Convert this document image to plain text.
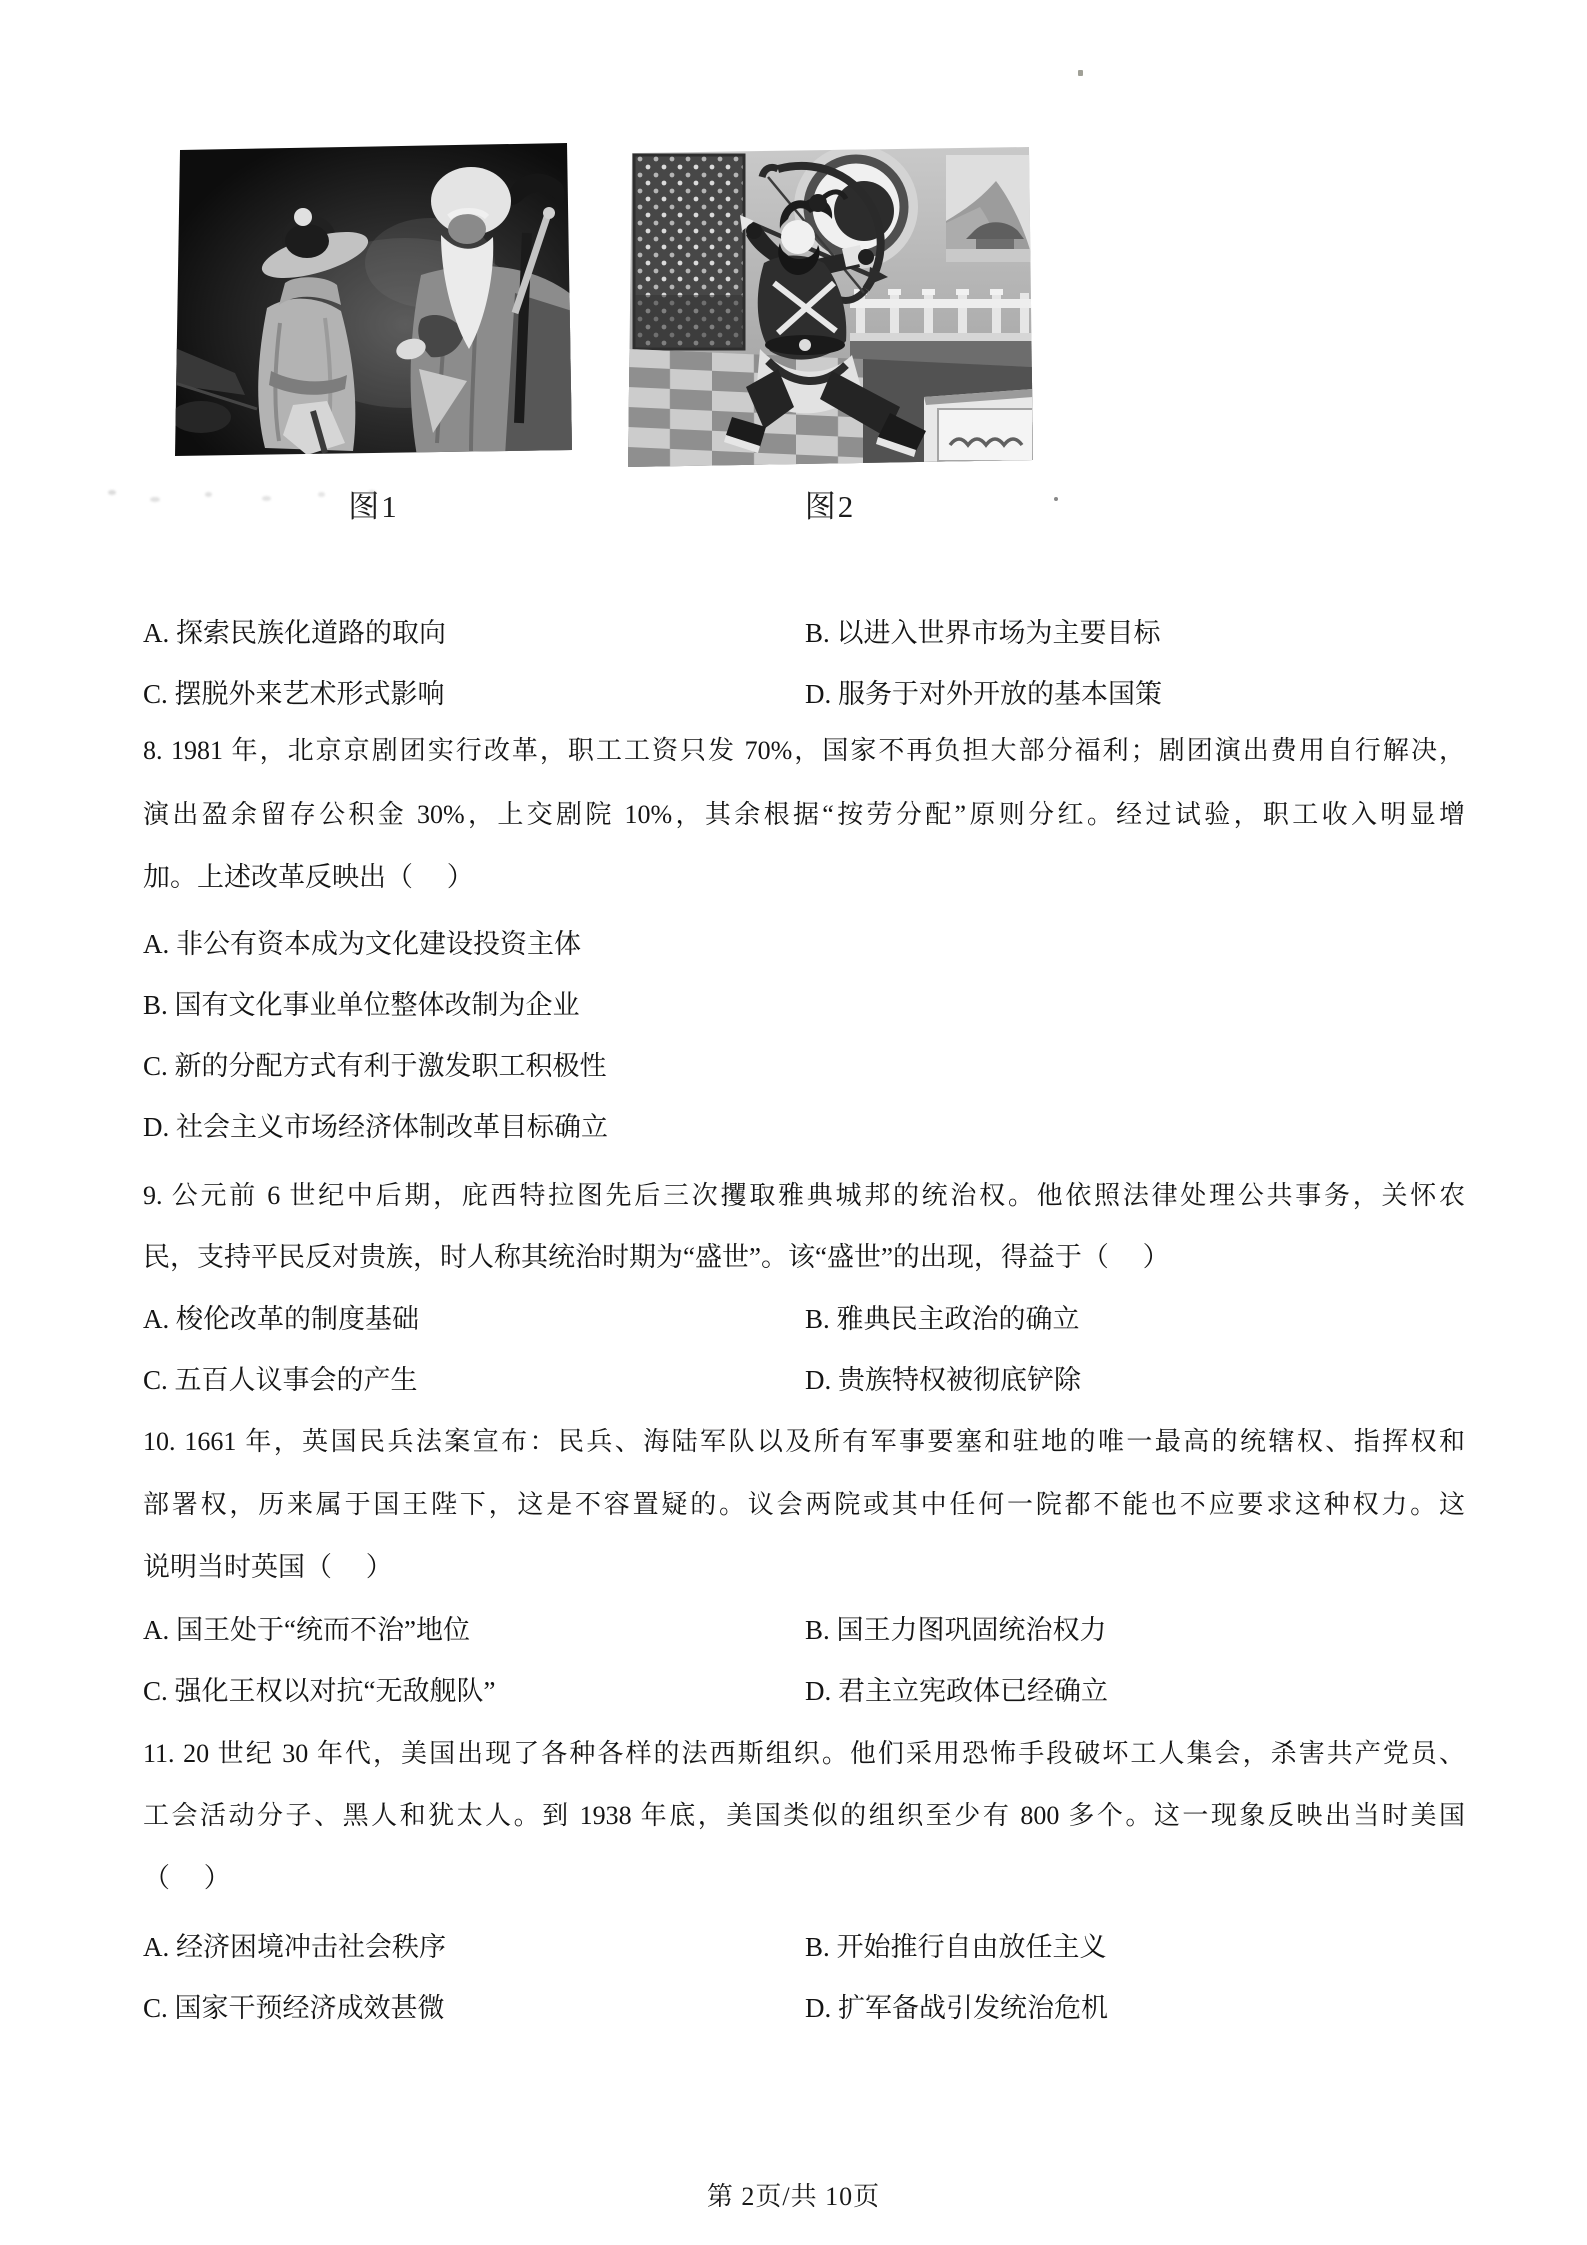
图1	图2
A. 探索民族化道路的取向	B. 以进入世界市场为主要目标
C. 摆脱外来艺术形式影响	D. 服务于对外开放的基本国策
8. 1981 年，北京京剧团实行改革，职工工资只发 70%，国家不再负担大部分福利；剧团演出费用自行解决，
演出盈余留存公积金 30%，上交剧院 10%，其余根据“按劳分配”原则分红。经过试验，职工收入明显增
加。上述改革反映出（　 ）
A. 非公有资本成为文化建设投资主体
B. 国有文化事业单位整体改制为企业
C. 新的分配方式有利于激发职工积极性
D. 社会主义市场经济体制改革目标确立
9. 公元前 6 世纪中后期，庇西特拉图先后三次攫取雅典城邦的统治权。他依照法律处理公共事务，关怀农
民，支持平民反对贵族，时人称其统治时期为“盛世”。该“盛世”的出现，得益于（　 ）
A. 梭伦改革的制度基础	B. 雅典民主政治的确立
C. 五百人议事会的产生	D. 贵族特权被彻底铲除
10. 1661 年，英国民兵法案宣布：民兵、海陆军队以及所有军事要塞和驻地的唯一最高的统辖权、指挥权和
部署权，历来属于国王陛下，这是不容置疑的。议会两院或其中任何一院都不能也不应要求这种权力。这
说明当时英国（　 ）
A. 国王处于“统而不治”地位	B. 国王力图巩固统治权力
C. 强化王权以对抗“无敌舰队”	D. 君主立宪政体已经确立
11. 20 世纪 30 年代，美国出现了各种各样的法西斯组织。他们采用恐怖手段破坏工人集会，杀害共产党员、
工会活动分子、黑人和犹太人。到 1938 年底，美国类似的组织至少有 800 多个。这一现象反映出当时美国
（　 ）
A. 经济困境冲击社会秩序	B. 开始推行自由放任主义
C. 国家干预经济成效甚微	D. 扩军备战引发统治危机
第 2页/共 10页
